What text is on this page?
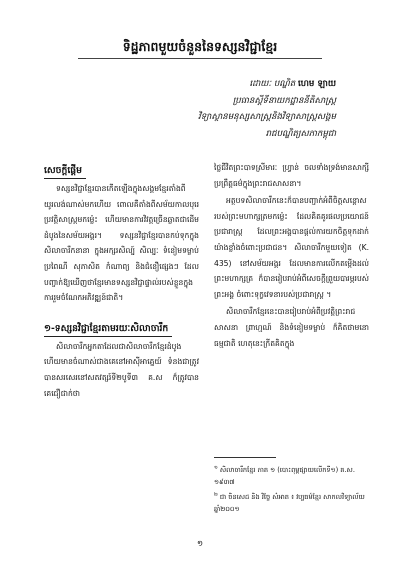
ទិដ្ឋភាពមួយចំនួននៃទស្សនវិជ្ជាខ្មែរ
ដោយៈ បណ្ឌិត ហេម ឡាយ
ប្រធានស្តីទីនាយកដ្ឋាននីតិសាស្ត្រ
វិទ្យាស្ថានមនុស្សសាស្ត្រនិងវិទ្យាសាស្ត្រសង្គម
រាជបណ្ឌិត្យសភាកម្ពុជា
សេចក្តីផ្តើម

ទស្សនវិជ្ជាខ្មែរបានកើតឡើងក្នុងសង្គមខ្មែរតាំងពីយូរលង់ណាស់មកហើយ ពោលគឺតាំងពីសម័យកាលបុរេប្រវត្តិសាស្ត្រមកម្ល៉េះ ហើយមានការវិវត្តច្រើនឆ្លាតជាដើមដំបូងនៃសម័យអង្គរ។ ទស្សនវិជ្ជាខ្មែរបានកប់ទុកក្នុងសិលាចារឹកនានា ក្នុងអក្សរសិល្ប៍ សិល្បៈ ទំនៀមទម្លាប់ ប្រពៃណី សុភាសិត កំណាព្យ និងជំនឿផ្សេងៗ ដែលបញ្ចាក់ឱ្យឃើញថាខ្មែរមានទស្សនវិជ្ជាផ្ទាល់របស់ខ្លួនក្នុងការរួមចំណែកអភិវឌ្ឍន៍ជាតិ។

១-ទស្សនវិជ្ជាខ្មែរតាមរយៈសិលាចារឹក

សិលាចារឹកអ្នកតា​ដែលជាសិលាចារឹកខ្មែរដំបូង ហើយមានចំណាស់ជាងគេនៅអាស៊ីអាគ្នេយ៍ ទំនងជាត្រូវបានសរសេរនៅសតវត្សរ៍ទី២បូទី៣ គ.ស ក៏ត្រូវបានគេជឿជាក់ថា

ថ្លៃជីវិតព្រះបាទស្រីមារៈ ហ្វ្រាន់ ចលទាំងទ្រង់មានសាក្សីប្រព្រឹត្តធម៌ក្នុងព្រះរាជសាសនា។

អត្ថបទសិលាចារឹកនេះក៏បានបញ្ជាក់អំពីចិត្តសន្តោសរបស់ព្រះមហាក្សត្រមកម្ល៉េះ ដែលគិតគូរផលប្រយោជន៍ប្រជារាស្ត្រ ដែលព្រះអង្គបានផ្ដល់ការយកចិត្តទុកដាក់យ៉ាងខ្លាំងចំពោះប្រជាជន។ សិលាចារឹកមួយទៀត (K. 435) នៅសម័យអង្គរ ដែលមានការលើកតម្កើងដល់ព្រះមហាក្សត្រ ក៏បានរៀបរាប់អំពីសេចក្តីព្រួយបារម្ភរបស់ព្រះអង្គ ចំពោះទុក្ខវេទនារបស់ប្រជារាស្ត្រ ។

សិលាចារឹកខ្មែរនេះបានរៀបរាប់អំពីប្រវត្តិព្រះរាជ សាសនា ព្រាហ្មណ៍ និងទំនៀមទម្លាប់ ក៏គិតថាមនោធម្មជាតិ ហេតុនេះក្រីតគិតក្នុង

$^១$ សិលាចារឹកខ្មែរ ភាគ ១ (បោះពុម្ពផ្សាយលើកទី១) គ.ស. ១៩៣៧
$^២$ ជា ចិនសេដ និង វិច្ចែ សំអាត ៖ វប្បធម៌ខ្មែរ សាកលវិទ្យាល័យ ឆ្នាំ២០០១
១
